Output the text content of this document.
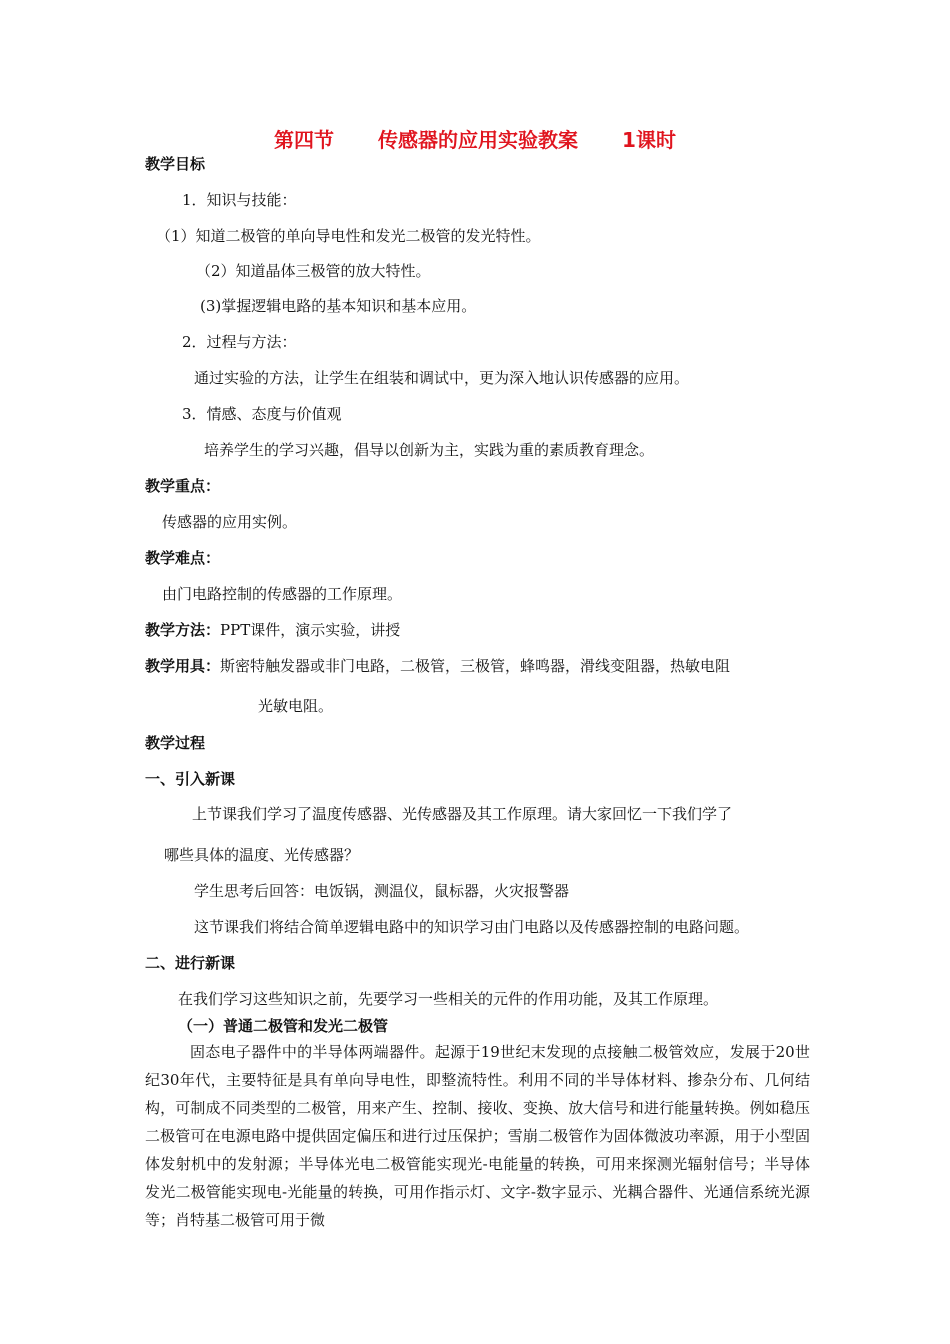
第四节 传感器的应用实验教案 1课时

教学目标

1．知识与技能：

（1）知道二极管的单向导电性和发光二极管的发光特性。

（2）知道晶体三极管的放大特性。

(3)掌握逻辑电路的基本知识和基本应用。

2．过程与方法：

通过实验的方法，让学生在组装和调试中，更为深入地认识传感器的应用。

3．情感、态度与价值观

培养学生的学习兴趣，倡导以创新为主，实践为重的素质教育理念。

教学重点：

传感器的应用实例。

教学难点：

由门电路控制的传感器的工作原理。

教学方法：PPT课件，演示实验，讲授

教学用具：斯密特触发器或非门电路，二极管，三极管，蜂鸣器，滑线变阻器，热敏电阻

光敏电阻。

教学过程

一、引入新课

上节课我们学习了温度传感器、光传感器及其工作原理。请大家回忆一下我们学了

哪些具体的温度、光传感器？

学生思考后回答：电饭锅，测温仪，鼠标器，火灾报警器

这节课我们将结合简单逻辑电路中的知识学习由门电路以及传感器控制的电路问题。

二、进行新课

在我们学习这些知识之前，先要学习一些相关的元件的作用功能，及其工作原理。

（一）普通二极管和发光二极管

固态电子器件中的半导体两端器件。起源于19世纪末发现的点接触二极管效应，发展于20世纪30年代，主要特征是具有单向导电性，即整流特性。利用不同的半导体材料、掺杂分布、几何结构，可制成不同类型的二极管，用来产生、控制、接收、变换、放大信号和进行能量转换。例如稳压二极管可在电源电路中提供固定偏压和进行过压保护；雪崩二极管作为固体微波功率源，用于小型固体发射机中的发射源；半导体光电二极管能实现光-电能量的转换，可用来探测光辐射信号；半导体发光二极管能实现电-光能量的转换，可用作指示灯、文字-数字显示、光耦合器件、光通信系统光源等；肖特基二极管可用于微
